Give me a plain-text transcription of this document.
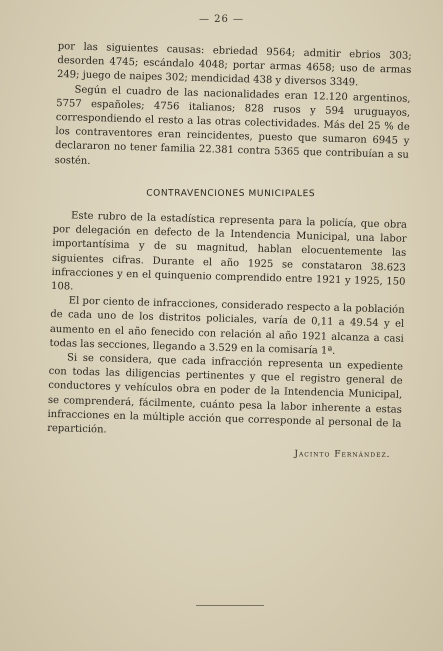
— 26 —

por las siguientes causas: ebriedad 9564; admitir ebrios 303; desorden 4745; escándalo 4048; portar armas 4658; uso de armas 249; juego de naipes 302; mendicidad 438 y diversos 3349.

Según el cuadro de las nacionalidades eran 12.120 argentinos, 5757 españoles; 4756 italianos; 828 rusos y 594 uruguayos, correspondiendo el resto a las otras colectividades. Más del 25 % de los contraventores eran reincidentes, puesto que sumaron 6945 y declararon no tener familia 22.381 contra 5365 que contribuían a su sostén.

CONTRAVENCIONES MUNICIPALES

Este rubro de la estadística representa para la policía, que obra por delegación en defecto de la Intendencia Municipal, una labor importantísima y de su magnitud, hablan elocuentemente las siguientes cifras. Durante el año 1925 se constataron 38.623 infracciones y en el quinquenio comprendido entre 1921 y 1925, 150 108.

El por ciento de infracciones, considerado respecto a la población de cada uno de los distritos policiales, varía de 0,11 a 49.54 y el aumento en el año fenecido con relación al año 1921 alcanza a casi todas las secciones, llegando a 3.529 en la comisaría 1ª.

Si se considera, que cada infracción representa un expediente con todas las diligencias pertinentes y que el registro general de conductores y vehículos obra en poder de la Intendencia Municipal, se comprenderá, fácilmente, cuánto pesa la labor inherente a estas infracciones en la múltiple acción que corresponde al personal de la repartición.

Jacinto Fernández.
